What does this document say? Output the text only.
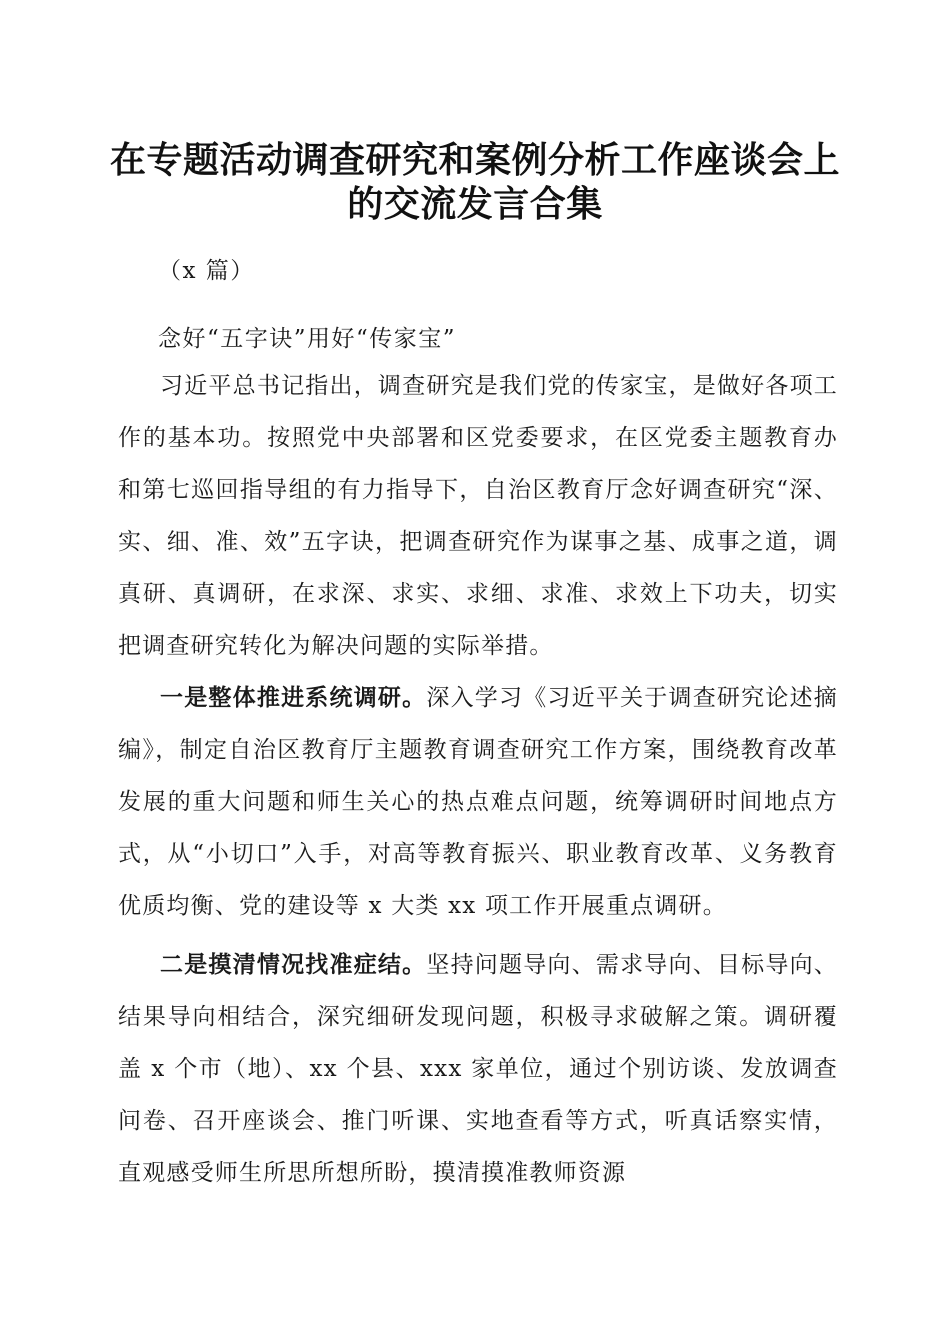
在专题活动调查研究和案例分析工作座谈会上
的交流发言合集
（x 篇）
念好“五字诀”用好“传家宝”

习近平总书记指出，调查研究是我们党的传家宝，是做好各项工作的基本功。按照党中央部署和区党委要求，在区党委主题教育办和第七巡回指导组的有力指导下，自治区教育厅念好调查研究“深、实、细、准、效”五字诀，把调查研究作为谋事之基、成事之道，调真研、真调研，在求深、求实、求细、求准、求效上下功夫，切实把调查研究转化为解决问题的实际举措。

一是整体推进系统调研。深入学习《习近平关于调查研究论述摘编》，制定自治区教育厅主题教育调查研究工作方案，围绕教育改革发展的重大问题和师生关心的热点难点问题，统筹调研时间地点方式，从“小切口”入手，对高等教育振兴、职业教育改革、义务教育优质均衡、党的建设等 x 大类 xx 项工作开展重点调研。

二是摸清情况找准症结。坚持问题导向、需求导向、目标导向、结果导向相结合，深究细研发现问题，积极寻求破解之策。调研覆盖 x 个市（地）、xx 个县、xxx 家单位，通过个别访谈、发放调查问卷、召开座谈会、推门听课、实地查看等方式，听真话察实情，直观感受师生所思所想所盼，摸清摸准教师资源
